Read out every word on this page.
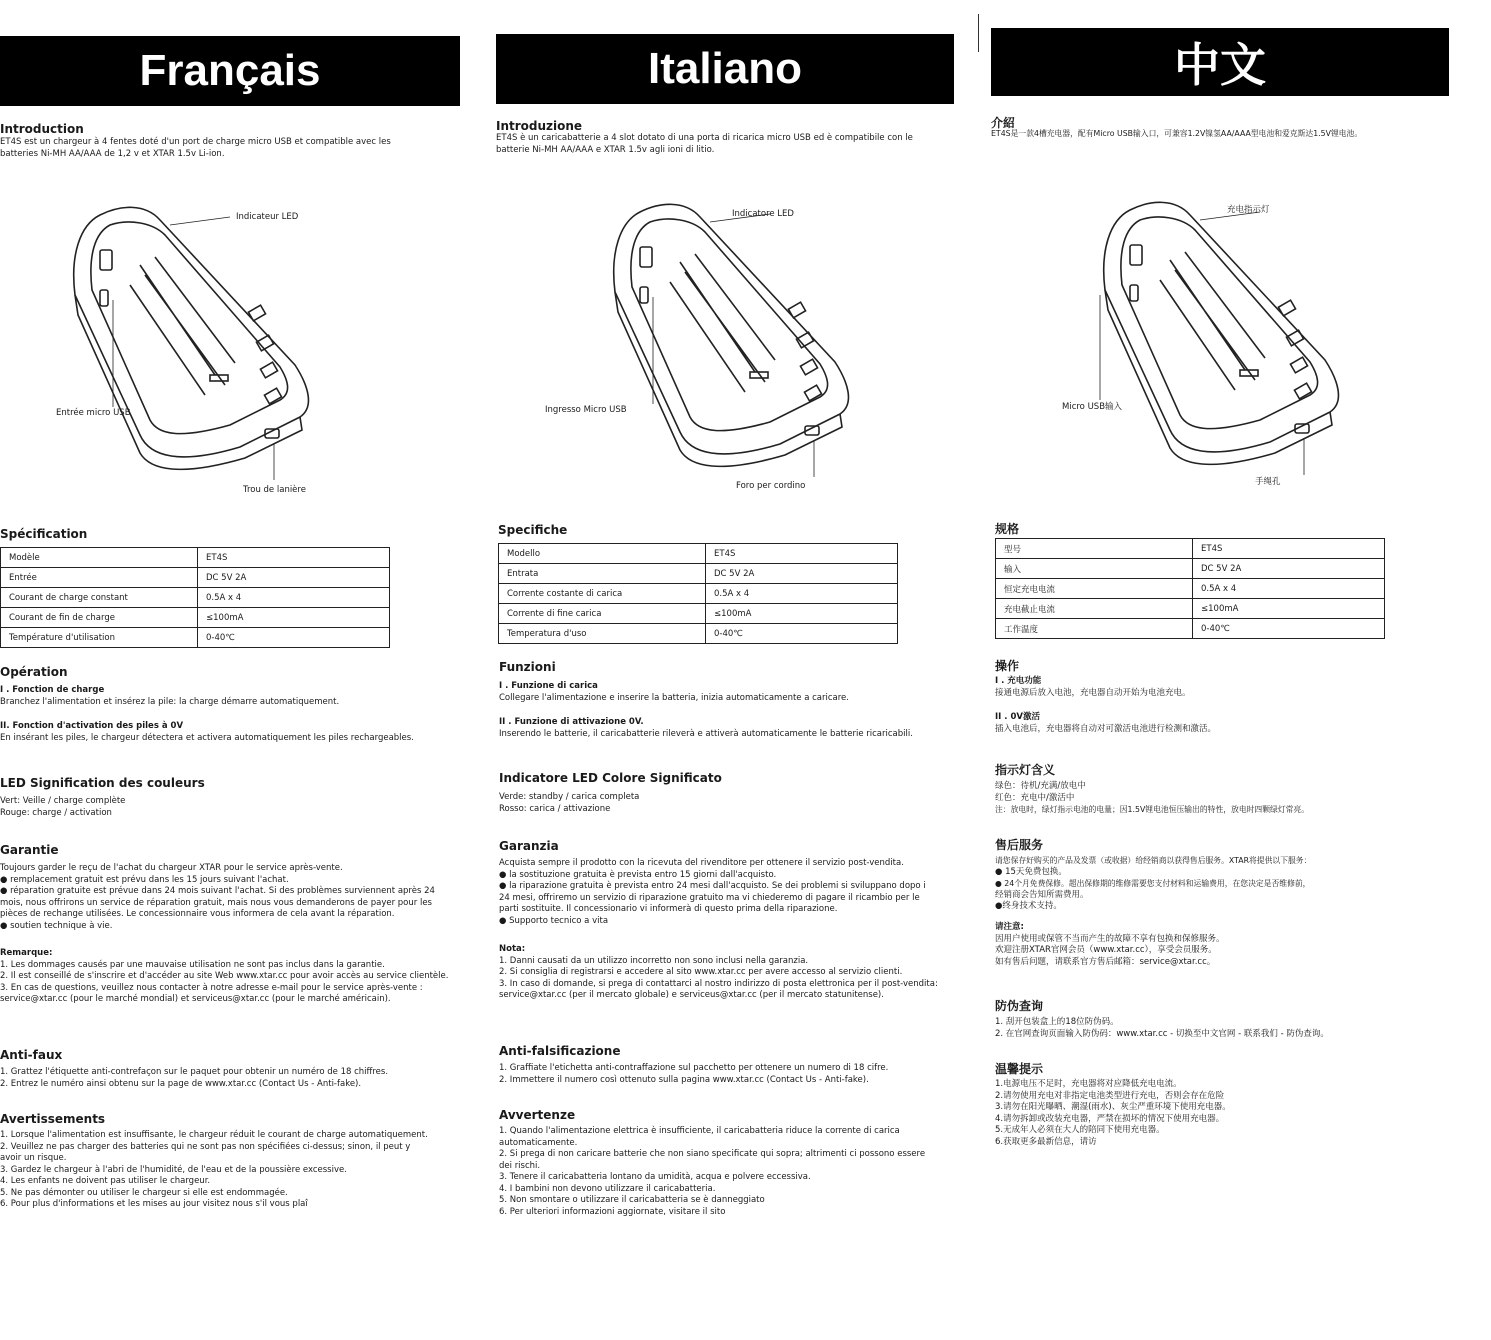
Français
Introduction
ET4S est un chargeur à 4 fentes doté d'un port de charge micro USB et compatible avec les
batteries Ni-MH AA/AAA de 1,2 v et XTAR 1.5v Li-ion.
Indicateur LED
Entrée micro USB
Trou de lanière
Spécification
Modèle	ET4S
Entrée	DC 5V 2A
Courant de charge constant	0.5A x 4
Courant de fin de charge	≤100mA
Température d'utilisation	0-40℃
Opération
I . Fonction de charge
Branchez l'alimentation et insérez la pile: la charge démarre automatiquement.
II. Fonction d'activation des piles à 0V
En insérant les piles, le chargeur détectera et activera automatiquement les piles rechargeables.
LED Signification des couleurs
Vert: Veille / charge complète
Rouge: charge / activation
Garantie
Toujours garder le reçu de l'achat du chargeur XTAR pour le service après-vente.
● remplacement gratuit est prévu dans les 15 jours suivant l'achat.
● réparation gratuite est prévue dans 24 mois suivant l'achat. Si des problèmes surviennent après 24
mois, nous offrirons un service de réparation gratuit, mais nous vous demanderons de payer pour les
pièces de rechange utilisées. Le concessionnaire vous informera de cela avant la réparation.
● soutien technique à vie.
Remarque:
1. Les dommages causés par une mauvaise utilisation ne sont pas inclus dans la garantie.
2. Il est conseillé de s'inscrire et d'accéder au site Web www.xtar.cc pour avoir accès au service clientèle.
3. En cas de questions, veuillez nous contacter à notre adresse e-mail pour le service après-vente :
service@xtar.cc (pour le marché mondial) et serviceus@xtar.cc (pour le marché américain).
Anti-faux
1. Grattez l'étiquette anti-contrefaçon sur le paquet pour obtenir un numéro de 18 chiffres.
2. Entrez le numéro ainsi obtenu sur la page de www.xtar.cc (Contact Us - Anti-fake).
Avertissements
1. Lorsque l'alimentation est insuffisante, le chargeur réduit le courant de charge automatiquement.
2. Veuillez ne pas charger des batteries qui ne sont pas non spécifiées ci-dessus; sinon, il peut y
avoir un risque.
3. Gardez le chargeur à l'abri de l'humidité, de l'eau et de la poussière excessive.
4. Les enfants ne doivent pas utiliser le chargeur.
5. Ne pas démonter ou utiliser le chargeur si elle est endommagée.
6. Pour plus d'informations et les mises au jour visitez nous s'il vous plaî
Italiano
Introduzione
ET4S è un caricabatterie a 4 slot dotato di una porta di ricarica micro USB ed è compatibile con le
batterie Ni-MH AA/AAA e XTAR 1.5v agli ioni di litio.
Indicatore LED
Ingresso Micro USB
Foro per cordino
Specifiche
Modello	ET4S
Entrata	DC 5V 2A
Corrente costante di carica	0.5A x 4
Corrente di fine carica	≤100mA
Temperatura d'uso	0-40℃
Funzioni
I . Funzione di carica
Collegare l'alimentazione e inserire la batteria, inizia automaticamente a caricare.
II . Funzione di attivazione 0V.
Inserendo le batterie, il caricabatterie rileverà e attiverà automaticamente le batterie ricaricabili.
Indicatore LED Colore Significato
Verde: standby / carica completa
Rosso: carica / attivazione
Garanzia
Acquista sempre il prodotto con la ricevuta del rivenditore per ottenere il servizio post-vendita.
● la sostituzione gratuita è prevista entro 15 giorni dall'acquisto.
● la riparazione gratuita è prevista entro 24 mesi dall'acquisto. Se dei problemi si sviluppano dopo i
24 mesi, offriremo un servizio di riparazione gratuito ma vi chiederemo di pagare il ricambio per le
parti sostituite. Il concessionario vi informerà di questo prima della riparazione.
● Supporto tecnico a vita
Nota:
1. Danni causati da un utilizzo incorretto non sono inclusi nella garanzia.
2. Si consiglia di registrarsi e accedere al sito www.xtar.cc per avere accesso al servizio clienti.
3. In caso di domande, si prega di contattarci al nostro indirizzo di posta elettronica per il post-vendita:
service@xtar.cc (per il mercato globale) e serviceus@xtar.cc (per il mercato statunitense).
Anti-falsificazione
1. Graffiate l'etichetta anti-contraffazione sul pacchetto per ottenere un numero di 18 cifre.
2. Immettere il numero così ottenuto sulla pagina www.xtar.cc (Contact Us - Anti-fake).
Avvertenze
1. Quando l'alimentazione elettrica è insufficiente, il caricabatteria riduce la corrente di carica
automaticamente.
2. Si prega di non caricare batterie che non siano specificate qui sopra; altrimenti ci possono essere
dei rischi.
3. Tenere il caricabatteria lontano da umidità, acqua e polvere eccessiva.
4. I bambini non devono utilizzare il caricabatteria.
5. Non smontare o utilizzare il caricabatteria se è danneggiato
6. Per ulteriori informazioni aggiornate, visitare il sito
中文
介紹
ET4S是一款4槽充电器，配有Micro USB输入口，可兼容1.2V镍氢AA/AAA型电池和爱克斯达1.5V锂电池。
充电指示灯
Micro USB输入
手绳孔
规格
型号	ET4S
输入	DC 5V 2A
恒定充电电流	0.5A x 4
充电截止电流	≤100mA
工作温度	0-40℃
操作
I . 充电功能
接通电源后放入电池，充电器自动开始为电池充电。
II . 0V激活
插入电池后，充电器将自动对可激活电池进行检测和激活。
指示灯含义
绿色：待机/充满/放电中
红色：充电中/激活中
注：放电时，绿灯指示电池的电量；因1.5V锂电池恒压输出的特性，放电时四颗绿灯常亮。
售后服务
请您保存好购买的产品及发票（或收据）给经销商以获得售后服务。XTAR将提供以下服务：
● 15天免费包换。
● 24个月免费保修。超出保修期的维修需要您支付材料和运输费用，在您决定是否维修前，
经销商会告知所需费用。
●终身技术支持。
请注意:
因用户使用或保管不当而产生的故障不享有包换和保修服务。
欢迎注册XTAR官网会员（www.xtar.cc），享受会员服务。
如有售后问题，请联系官方售后邮箱：service@xtar.cc。
防伪查询
1. 刮开包装盒上的18位防伪码。
2. 在官网查询页面输入防伪码：www.xtar.cc - 切换至中文官网 - 联系我们 - 防伪查询。
温馨提示
1.电源电压不足时，充电器将对应降低充电电流。
2.请勿使用充电对非指定电池类型进行充电，否则会存在危险
3.请勿在阳光曝晒、潮湿(雨水)、灰尘严重环境下使用充电器。
4.请勿拆卸或改装充电器，严禁在损坏的情况下使用充电器。
5.无成年人必须在大人的陪同下使用充电器。
6.获取更多最新信息，请访
